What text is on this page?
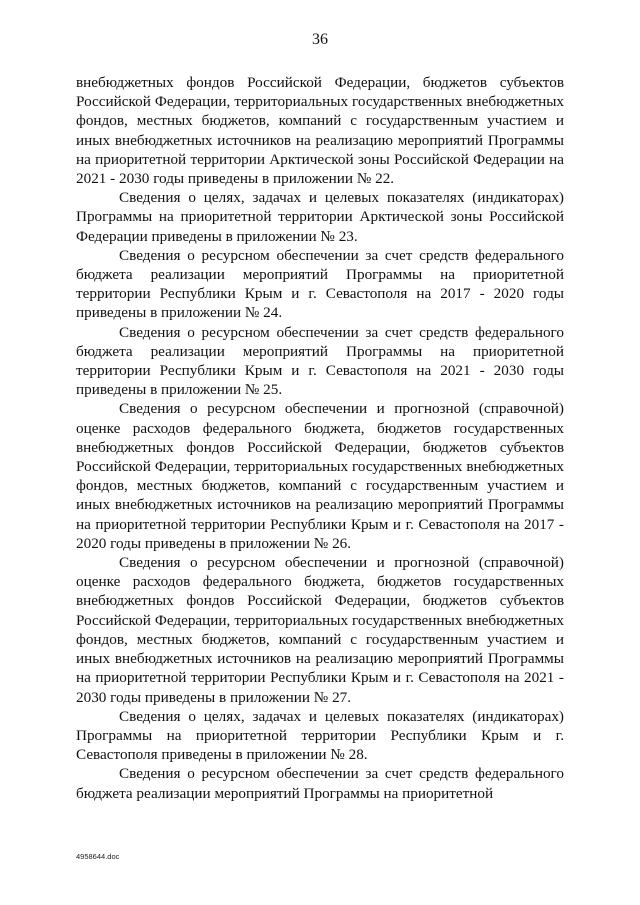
36

внебюджетных фондов Российской Федерации, бюджетов субъектов Российской Федерации, территориальных государственных внебюджетных фондов, местных бюджетов, компаний с государственным участием и иных внебюджетных источников на реализацию мероприятий Программы на приоритетной территории Арктической зоны Российской Федерации на 2021 - 2030 годы приведены в приложении № 22.

Сведения о целях, задачах и целевых показателях (индикаторах) Программы на приоритетной территории Арктической зоны Российской Федерации приведены в приложении № 23.

Сведения о ресурсном обеспечении за счет средств федерального бюджета реализации мероприятий Программы на приоритетной территории Республики Крым и г. Севастополя на 2017 - 2020 годы приведены в приложении № 24.

Сведения о ресурсном обеспечении за счет средств федерального бюджета реализации мероприятий Программы на приоритетной территории Республики Крым и г. Севастополя на 2021 - 2030 годы приведены в приложении № 25.

Сведения о ресурсном обеспечении и прогнозной (справочной) оценке расходов федерального бюджета, бюджетов государственных внебюджетных фондов Российской Федерации, бюджетов субъектов Российской Федерации, территориальных государственных внебюджетных фондов, местных бюджетов, компаний с государственным участием и иных внебюджетных источников на реализацию мероприятий Программы на приоритетной территории Республики Крым и г. Севастополя на 2017 - 2020 годы приведены в приложении № 26.

Сведения о ресурсном обеспечении и прогнозной (справочной) оценке расходов федерального бюджета, бюджетов государственных внебюджетных фондов Российской Федерации, бюджетов субъектов Российской Федерации, территориальных государственных внебюджетных фондов, местных бюджетов, компаний с государственным участием и иных внебюджетных источников на реализацию мероприятий Программы на приоритетной территории Республики Крым и г. Севастополя на 2021 - 2030 годы приведены в приложении № 27.

Сведения о целях, задачах и целевых показателях (индикаторах) Программы на приоритетной территории Республики Крым и г. Севастополя приведены в приложении № 28.

Сведения о ресурсном обеспечении за счет средств федерального бюджета реализации мероприятий Программы на приоритетной

4958644.doc
